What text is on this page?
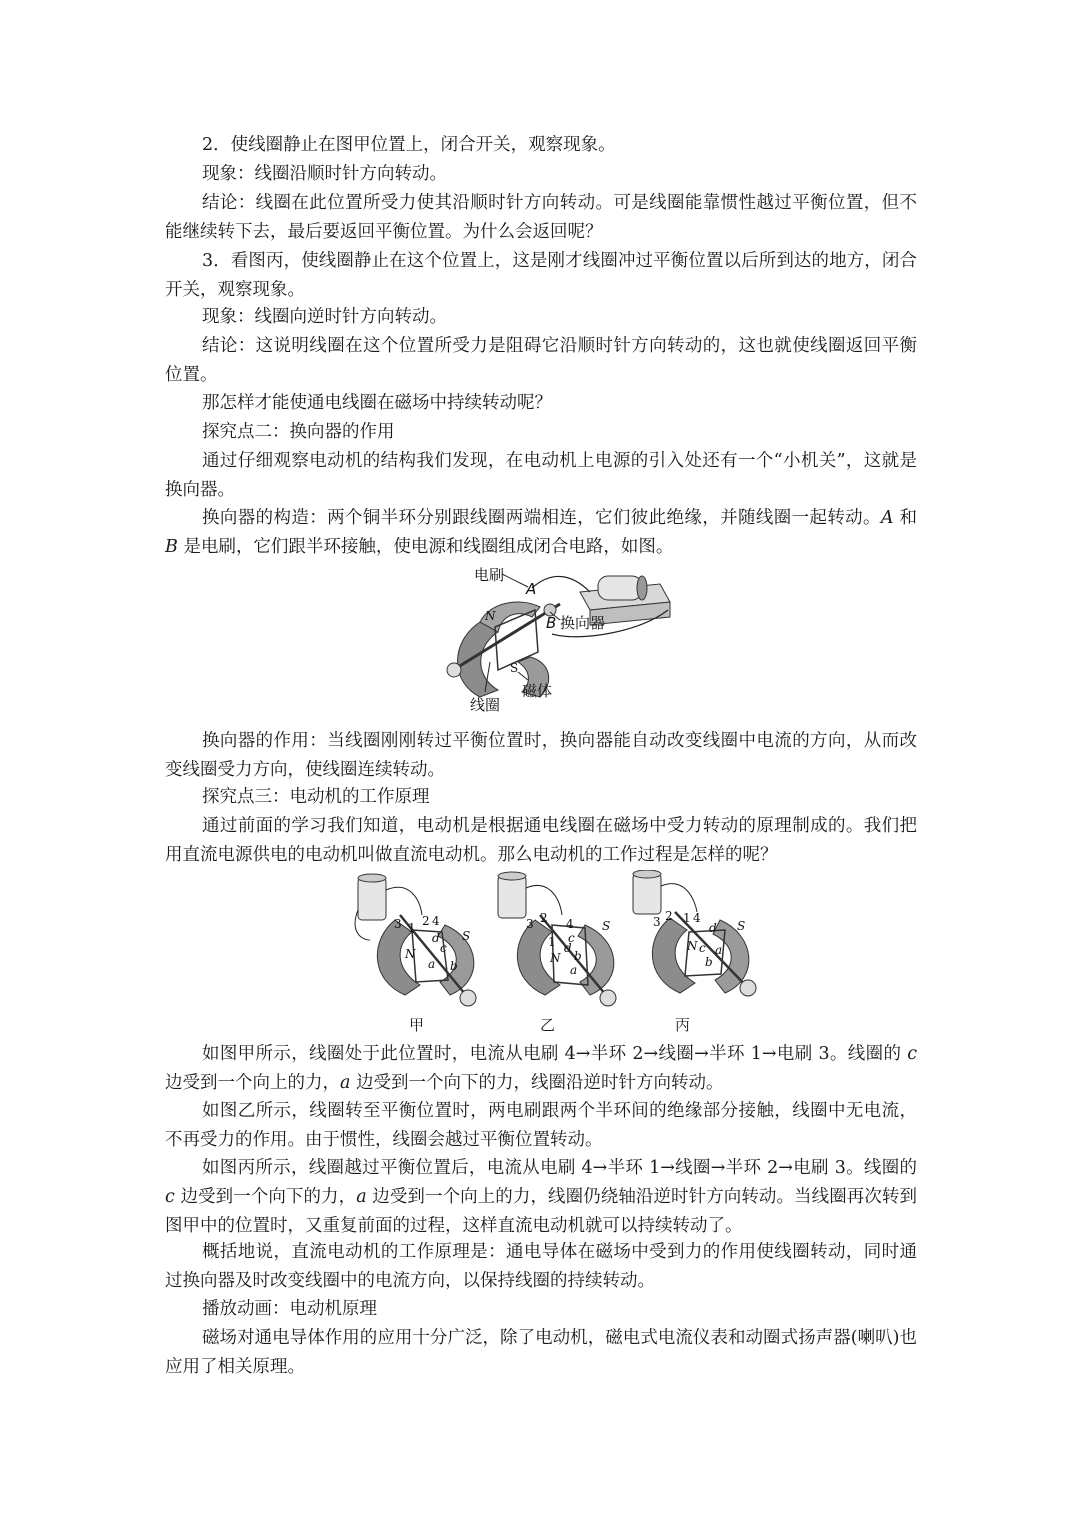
2．使线圈静止在图甲位置上，闭合开关，观察现象。

现象：线圈沿顺时针方向转动。

结论：线圈在此位置所受力使其沿顺时针方向转动。可是线圈能靠惯性越过平衡位置，但不能继续转下去，最后要返回平衡位置。为什么会返回呢？

3．看图丙，使线圈静止在这个位置上，这是刚才线圈冲过平衡位置以后所到达的地方，闭合开关，观察现象。

现象：线圈向逆时针方向转动。

结论：这说明线圈在这个位置所受力是阻碍它沿顺时针方向转动的，这也就使线圈返回平衡位置。

那怎样才能使通电线圈在磁场中持续转动呢？

探究点二：换向器的作用

通过仔细观察电动机的结构我们发现，在电动机上电源的引入处还有一个“小机关”，这就是换向器。

换向器的构造：两个铜半环分别跟线圈两端相连，它们彼此绝缘，并随线圈一起转动。A 和 B 是电刷，它们跟半环接触，使电源和线圈组成闭合电路，如图。

电刷
A
B 换向器
N
S
线圈
磁体

换向器的作用：当线圈刚刚转过平衡位置时，换向器能自动改变线圈中电流的方向，从而改变线圈受力方向，使线圈连续转动。

探究点三：电动机的工作原理

通过前面的学习我们知道，电动机是根据通电线圈在磁场中受力转动的原理制成的。我们把用直流电源供电的电动机叫做直流电动机。那么电动机的工作过程是怎样的呢？

3 1 2 4
d
c
N
a b
S
3 2 4
1 c
d
b
N
a
S	3 2 1 4
d
N c a
b
S
甲	乙	丙

如图甲所示，线圈处于此位置时，电流从电刷 4→半环 2→线圈→半环 1→电刷 3。线圈的 c 边受到一个向上的力，a 边受到一个向下的力，线圈沿逆时针方向转动。

如图乙所示，线圈转至平衡位置时，两电刷跟两个半环间的绝缘部分接触，线圈中无电流，不再受力的作用。由于惯性，线圈会越过平衡位置转动。

如图丙所示，线圈越过平衡位置后，电流从电刷 4→半环 1→线圈→半环 2→电刷 3。线圈的 c 边受到一个向下的力，a 边受到一个向上的力，线圈仍绕轴沿逆时针方向转动。当线圈再次转到图甲中的位置时，又重复前面的过程，这样直流电动机就可以持续转动了。

概括地说，直流电动机的工作原理是：通电导体在磁场中受到力的作用使线圈转动，同时通过换向器及时改变线圈中的电流方向，以保持线圈的持续转动。

播放动画：电动机原理

磁场对通电导体作用的应用十分广泛，除了电动机，磁电式电流仪表和动圈式扬声器(喇叭)也应用了相关原理。
